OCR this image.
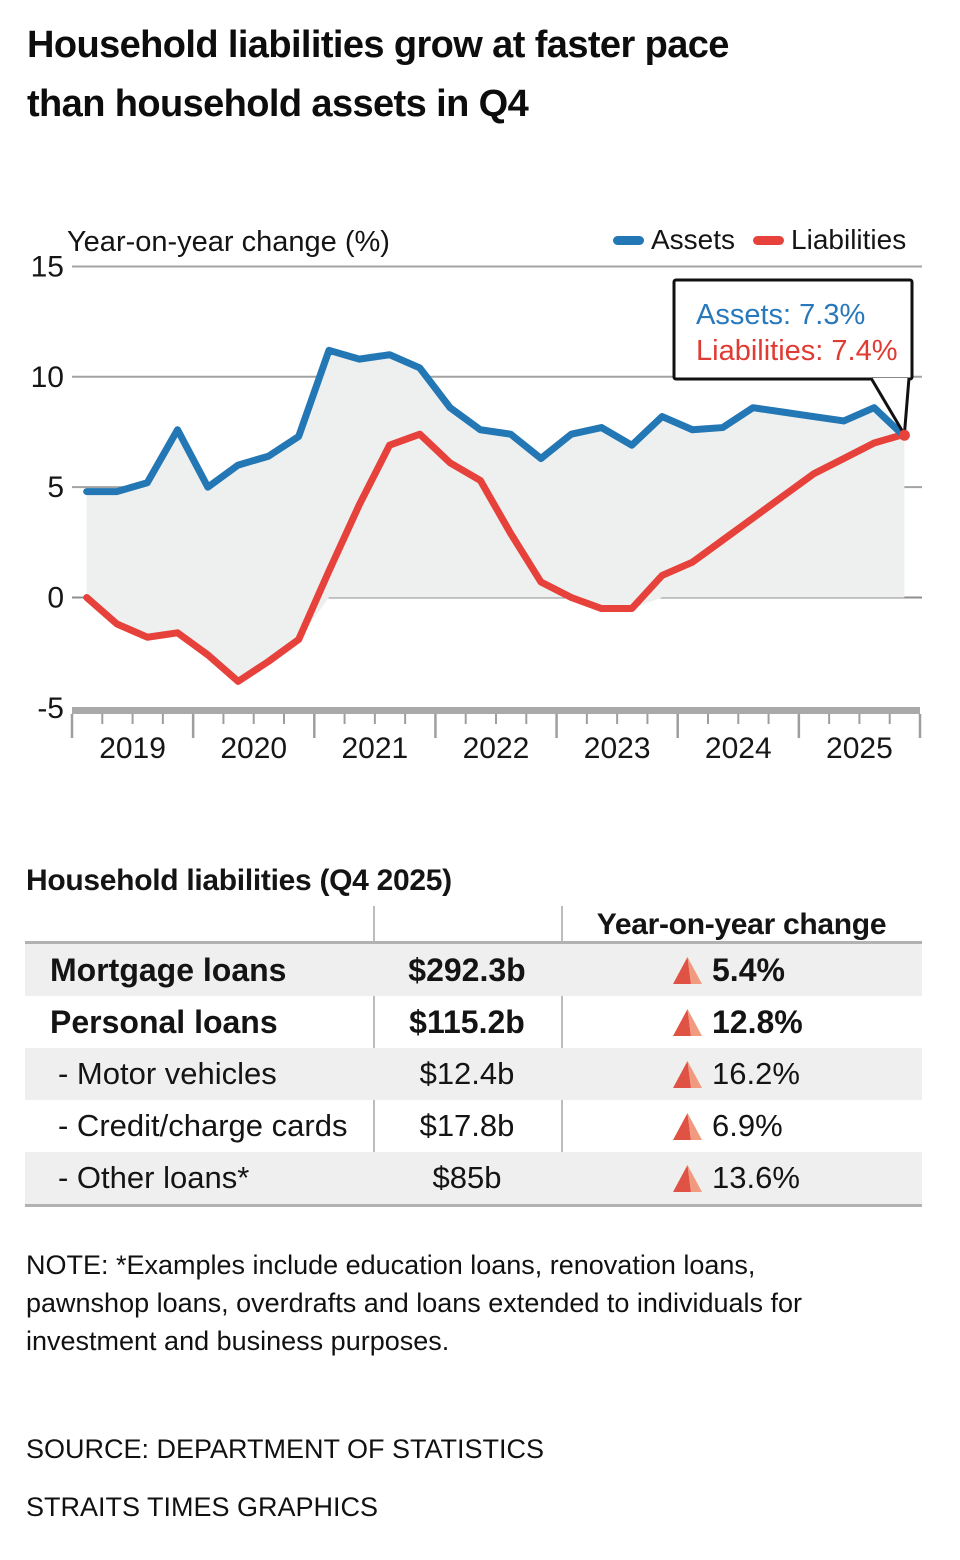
Household liabilities grow at faster pace
than household assets in Q4
15
10
5
0
-5
2019 2020 2021 2022 2023 2024 2025
Assets: 7.3%
Liabilities: 7.4%
Year-on-year change (%)	Assets Liabilities
Household liabilities (Q4 2025)
Year-on-year change
Mortgage loans	$292.3b	5.4%
Personal loans	$115.2b	12.8%
- Motor vehicles	$12.4b	16.2%
- Credit/charge cards	$17.8b	6.9%
- Other loans*	$85b	13.6%
NOTE: *Examples include education loans, renovation loans,
pawnshop loans, overdrafts and loans extended to individuals for
investment and business purposes.
SOURCE: DEPARTMENT OF STATISTICS
STRAITS TIMES GRAPHICS
